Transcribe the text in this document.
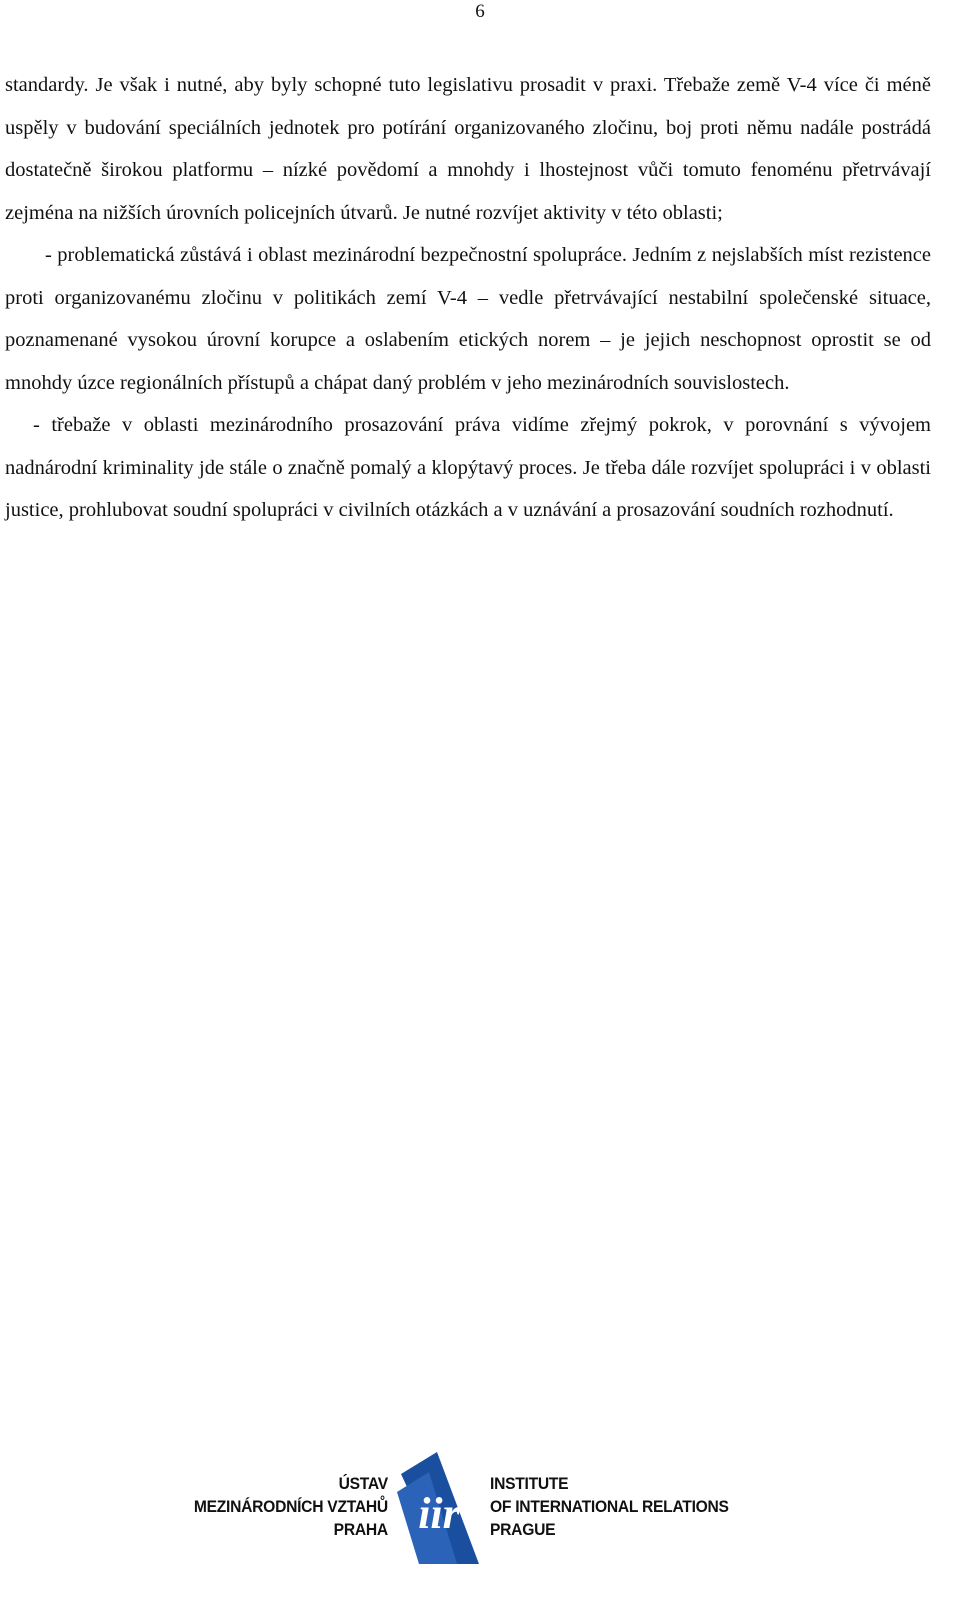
6

standardy. Je však i nutné, aby byly schopné tuto legislativu prosadit v praxi. Třebaže země V-4 více či méně uspěly v budování speciálních jednotek pro potírání organizovaného zločinu, boj proti němu nadále postrádá dostatečně širokou platformu – nízké povědomí a mnohdy i lhostejnost vůči tomuto fenoménu přetrvávají zejména na nižších úrovních policejních útvarů. Je nutné rozvíjet aktivity v této oblasti;

- problematická zůstává i oblast mezinárodní bezpečnostní spolupráce. Jedním z nejslabších míst rezistence proti organizovanému zločinu v politikách zemí V-4 – vedle přetrvávající nestabilní společenské situace, poznamenané vysokou úrovní korupce a oslabením etických norem – je jejich neschopnost oprostit se od mnohdy úzce regionálních přístupů a chápat daný problém v jeho mezinárodních souvislostech.

- třebaže v oblasti mezinárodního prosazování práva vidíme zřejmý pokrok, v porovnání s vývojem nadnárodní kriminality jde stále o značně pomalý a klopýtavý proces. Je třeba dále rozvíjet spolupráci i v oblasti justice, prohlubovat soudní spolupráci v civilních otázkách a v uznávání a prosazování soudních rozhodnutí.

ÚSTAV
MEZINÁRODNÍCH VZTAHŮ
PRAHA iir
INSTITUTE
OF INTERNATIONAL RELATIONS
PRAGUE
